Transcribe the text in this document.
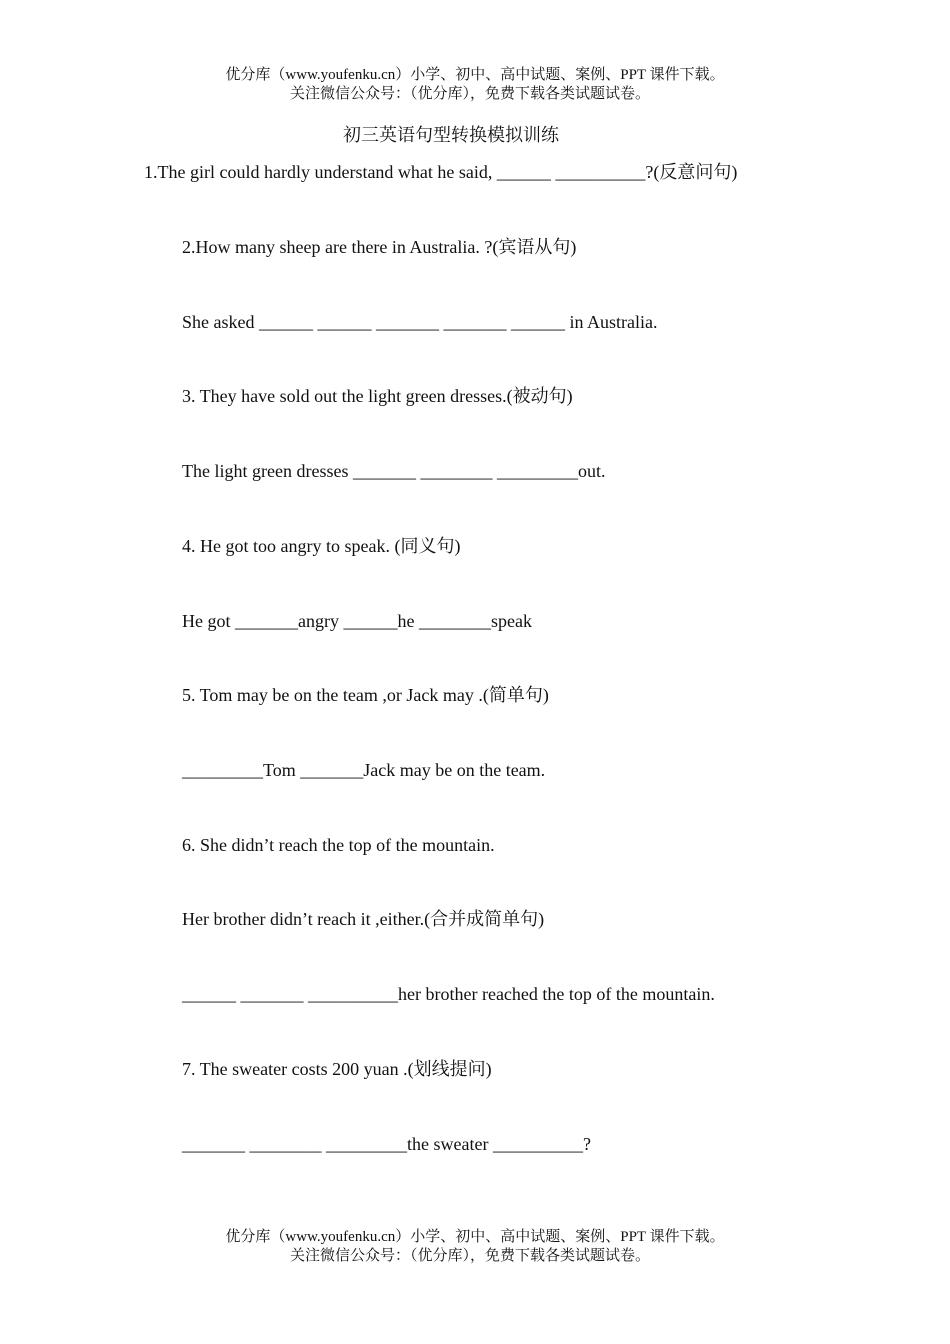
优分库（www.youfenku.cn）小学、初中、高中试题、案例、PPT 课件下载。
关注微信公众号：（优分库），免费下载各类试题试卷。
初三英语句型转换模拟训练
1.The girl could hardly understand what he said, ______ __________?(反意问句)
2.How many sheep are there in Australia. ?(宾语从句)
She asked ______ ______ _______ _______ ______ in Australia.
3. They have sold out the light green dresses.(被动句)
The light green dresses _______ ________ _________out.
4. He got too angry to speak. (同义句)
He got _______angry ______he ________speak
5. Tom may be on the team ,or Jack may .(简单句)
_________Tom _______Jack may be on the team.
6. She didn’t reach the top of the mountain.
Her brother didn’t reach it ,either.(合并成简单句)
______ _______ __________her brother reached the top of the mountain.
7. The sweater costs 200 yuan .(划线提问)
_______ ________ _________the sweater __________?
优分库（www.youfenku.cn）小学、初中、高中试题、案例、PPT 课件下载。
关注微信公众号：（优分库），免费下载各类试题试卷。
